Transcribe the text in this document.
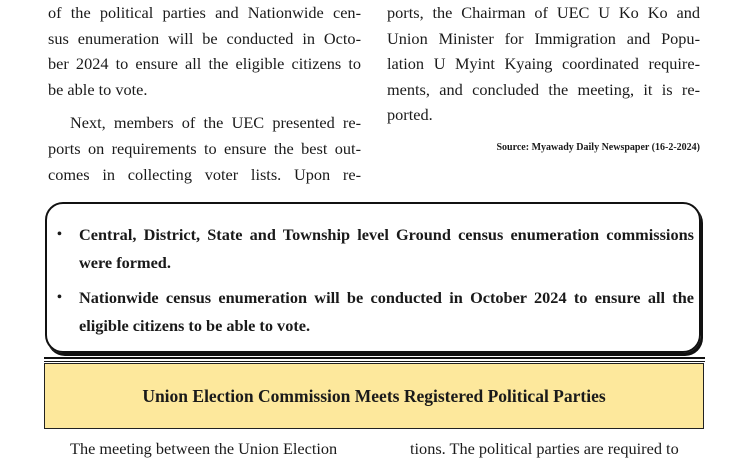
of the political parties and Nationwide cen-
sus enumeration will be conducted in Octo-
ber 2024 to ensure all the eligible citizens to
be able to vote.

Next, members of the UEC presented re-
ports on requirements to ensure the best out-
comes in collecting voter lists. Upon re-

ports, the Chairman of UEC U Ko Ko and
Union Minister for Immigration and Popu-
lation U Myint Kyaing coordinated require-
ments, and concluded the meeting, it is re-
ported.

Source: Myawady Daily Newspaper (16-2-2024)
• Central, District, State and Township level Ground census enumeration commissions were formed.
• Nationwide census enumeration will be conducted in October 2024 to ensure all the eligible citizens to be able to vote.
Union Election Commission Meets Registered Political Parties
The meeting between the Union Election	tions. The political parties are required to
